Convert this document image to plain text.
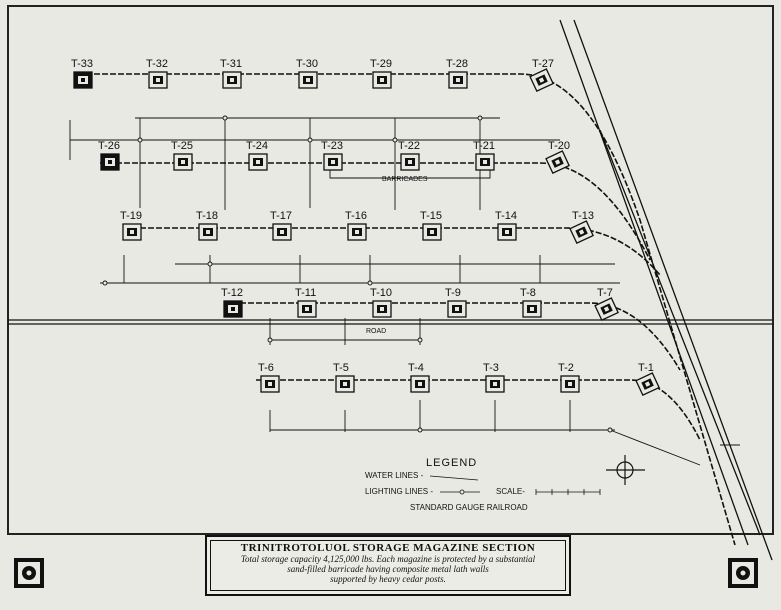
ROAD
BARRICADES
T-33	T-32	T-31	T-30	T-29	T-28	T-27
T-26	T-25	T-24	T-23	T-22	T-21	T-20
T-19	T-18	T-17	T-16	T-15	T-14	T-13
T-12	T-11	T-10	T-9	T-8	T-7
T-6	T-5	T-4	T-3	T-2	T-1
LEGEND
WATER LINES -
LIGHTING LINES -	SCALE-
STANDARD GAUGE RAILROAD
TRINITROTOLUOL STORAGE MAGAZINE SECTION
Total storage capacity 4,125,000 lbs. Each magazine is protected by a substantial
sand-filled barricade having composite metal lath walls
supported by heavy cedar posts.
